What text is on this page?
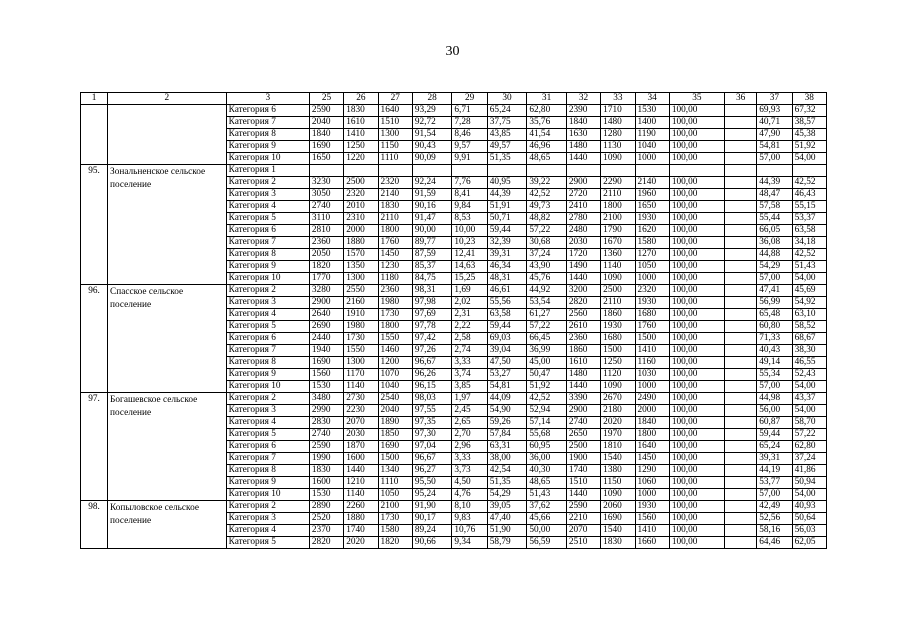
30
1	2	3	25	26	27	28	29	30	31	32	33	34	35	36	37	38
		Категория 6	2590	1830	1640	93,29	6,71	65,24	62,80	2390	1710	1530	100,00		69,93	67,32
		Категория 7	2040	1610	1510	92,72	7,28	37,75	35,76	1840	1480	1400	100,00		40,71	38,57
		Категория 8	1840	1410	1300	91,54	8,46	43,85	41,54	1630	1280	1190	100,00		47,90	45,38
		Категория 9	1690	1250	1150	90,43	9,57	49,57	46,96	1480	1130	1040	100,00		54,81	51,92
		Категория 10	1650	1220	1110	90,09	9,91	51,35	48,65	1440	1090	1000	100,00		57,00	54,00
95.	Зональненское сельское поселение	Категория 1														
		Категория 2	3230	2500	2320	92,24	7,76	40,95	39,22	2900	2290	2140	100,00		44,39	42,52
		Категория 3	3050	2320	2140	91,59	8,41	44,39	42,52	2720	2110	1960	100,00		48,47	46,43
		Категория 4	2740	2010	1830	90,16	9,84	51,91	49,73	2410	1800	1650	100,00		57,58	55,15
		Категория 5	3110	2310	2110	91,47	8,53	50,71	48,82	2780	2100	1930	100,00		55,44	53,37
		Категория 6	2810	2000	1800	90,00	10,00	59,44	57,22	2480	1790	1620	100,00		66,05	63,58
		Категория 7	2360	1880	1760	89,77	10,23	32,39	30,68	2030	1670	1580	100,00		36,08	34,18
		Категория 8	2050	1570	1450	87,59	12,41	39,31	37,24	1720	1360	1270	100,00		44,88	42,52
		Категория 9	1820	1350	1230	85,37	14,63	46,34	43,90	1490	1140	1050	100,00		54,29	51,43
		Категория 10	1770	1300	1180	84,75	15,25	48,31	45,76	1440	1090	1000	100,00		57,00	54,00
96.	Спасское сельское поселение	Категория 2	3280	2550	2360	98,31	1,69	46,61	44,92	3200	2500	2320	100,00		47,41	45,69
		Категория 3	2900	2160	1980	97,98	2,02	55,56	53,54	2820	2110	1930	100,00		56,99	54,92
		Категория 4	2640	1910	1730	97,69	2,31	63,58	61,27	2560	1860	1680	100,00		65,48	63,10
		Категория 5	2690	1980	1800	97,78	2,22	59,44	57,22	2610	1930	1760	100,00		60,80	58,52
		Категория 6	2440	1730	1550	97,42	2,58	69,03	66,45	2360	1680	1500	100,00		71,33	68,67
		Категория 7	1940	1550	1460	97,26	2,74	39,04	36,99	1860	1500	1410	100,00		40,43	38,30
		Категория 8	1690	1300	1200	96,67	3,33	47,50	45,00	1610	1250	1160	100,00		49,14	46,55
		Категория 9	1560	1170	1070	96,26	3,74	53,27	50,47	1480	1120	1030	100,00		55,34	52,43
		Категория 10	1530	1140	1040	96,15	3,85	54,81	51,92	1440	1090	1000	100,00		57,00	54,00
97.	Богашевское сельское поселение	Категория 2	3480	2730	2540	98,03	1,97	44,09	42,52	3390	2670	2490	100,00		44,98	43,37
		Категория 3	2990	2230	2040	97,55	2,45	54,90	52,94	2900	2180	2000	100,00		56,00	54,00
		Категория 4	2830	2070	1890	97,35	2,65	59,26	57,14	2740	2020	1840	100,00		60,87	58,70
		Категория 5	2740	2030	1850	97,30	2,70	57,84	55,68	2650	1970	1800	100,00		59,44	57,22
		Категория 6	2590	1870	1690	97,04	2,96	63,31	60,95	2500	1810	1640	100,00		65,24	62,80
		Категория 7	1990	1600	1500	96,67	3,33	38,00	36,00	1900	1540	1450	100,00		39,31	37,24
		Категория 8	1830	1440	1340	96,27	3,73	42,54	40,30	1740	1380	1290	100,00		44,19	41,86
		Категория 9	1600	1210	1110	95,50	4,50	51,35	48,65	1510	1150	1060	100,00		53,77	50,94
		Категория 10	1530	1140	1050	95,24	4,76	54,29	51,43	1440	1090	1000	100,00		57,00	54,00
98.	Копыловское сельское поселение	Категория 2	2890	2260	2100	91,90	8,10	39,05	37,62	2590	2060	1930	100,00		42,49	40,93
		Категория 3	2520	1880	1730	90,17	9,83	47,40	45,66	2210	1690	1560	100,00		52,56	50,64
		Категория 4	2370	1740	1580	89,24	10,76	51,90	50,00	2070	1540	1410	100,00		58,16	56,03
		Категория 5	2820	2020	1820	90,66	9,34	58,79	56,59	2510	1830	1660	100,00		64,46	62,05
